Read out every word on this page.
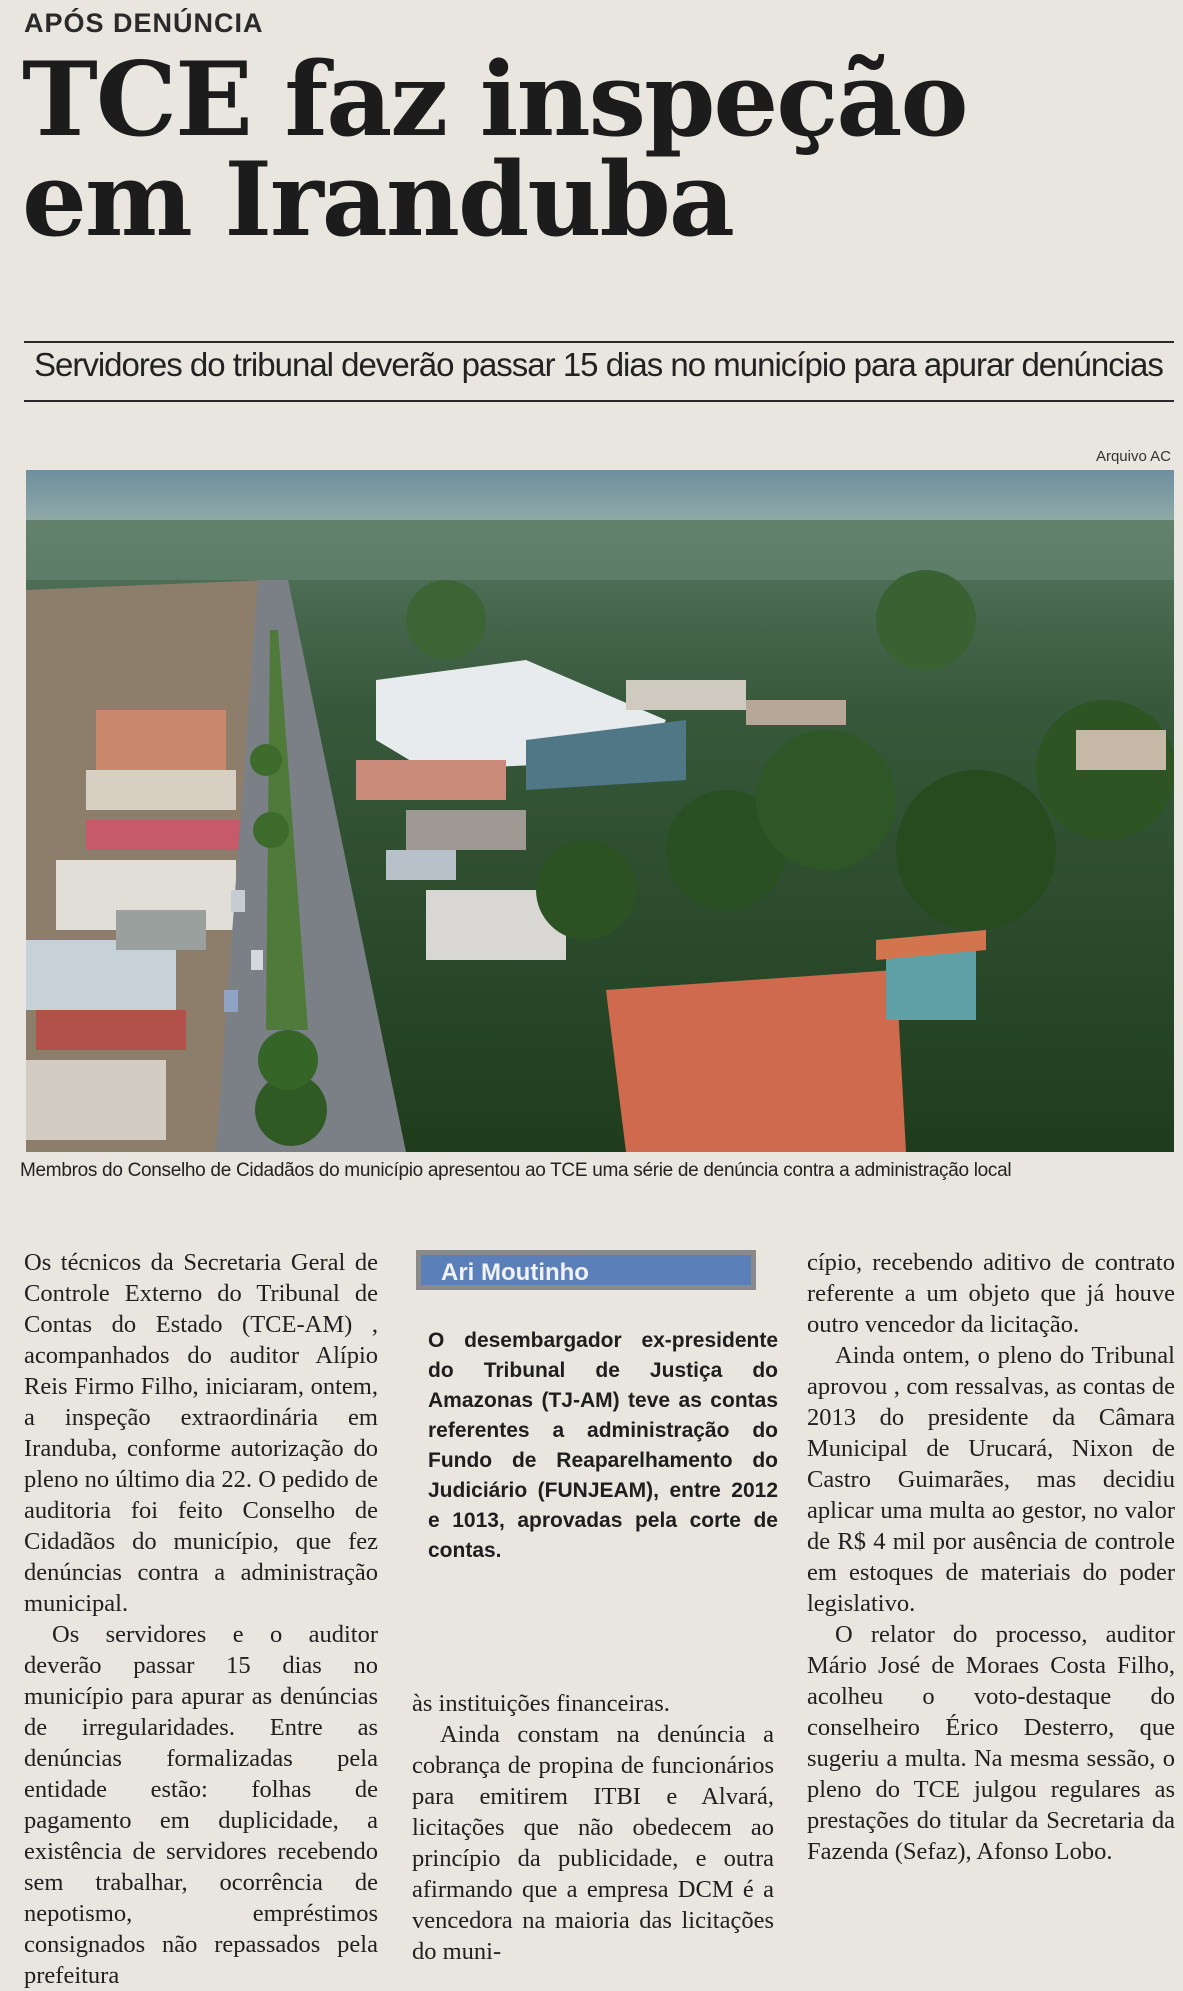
APÓS DENÚNCIA
TCE faz inspeção
em Iranduba
Servidores do tribunal deverão passar 15 dias no município para apurar denúncias
Arquivo AC
Membros do Conselho de Cidadãos do município apresentou ao TCE uma série de denúncia contra a administração local

Os técnicos da Secretaria Geral de Controle Externo do Tribunal de Contas do Estado (TCE-AM) , acompanhados do auditor Alípio Reis Firmo Filho, iniciaram, ontem, a inspeção extraordinária em Iranduba, conforme autorização do pleno no último dia 22. O pedido de auditoria foi feito Conselho de Cidadãos do município, que fez denúncias contra a administração municipal.

Os servidores e o auditor deverão passar 15 dias no município para apurar as denúncias de irregularidades. Entre as denúncias formalizadas pela entidade estão: folhas de pagamento em duplicidade, a existência de servidores recebendo sem trabalhar, ocorrência de nepotismo, empréstimos consignados não repassados pela prefeitura

Ari Moutinho
O desembargador ex-presidente do Tribunal de Justiça do Amazonas (TJ-AM) teve as contas referentes a administração do Fundo de Reaparelhamento do Judiciário (FUNJEAM), entre 2012 e 1013, aprovadas pela corte de contas.

às instituições financeiras.

Ainda constam na denúncia a cobrança de propina de funcionários para emitirem ITBI e Alvará, licitações que não obedecem ao princípio da publicidade, e outra afirmando que a empresa DCM é a vencedora na maioria das licitações do muni-

cípio, recebendo aditivo de contrato referente a um objeto que já houve outro vencedor da licitação.

Ainda ontem, o pleno do Tribunal aprovou , com ressalvas, as contas de 2013 do presidente da Câmara Municipal de Urucará, Nixon de Castro Guimarães, mas decidiu aplicar uma multa ao gestor, no valor de R$ 4 mil por ausência de controle em estoques de materiais do poder legislativo.

O relator do processo, auditor Mário José de Moraes Costa Filho, acolheu o voto-destaque do conselheiro Érico Desterro, que sugeriu a multa. Na mesma sessão, o pleno do TCE julgou regulares as prestações do titular da Secretaria da Fazenda (Sefaz), Afonso Lobo.
